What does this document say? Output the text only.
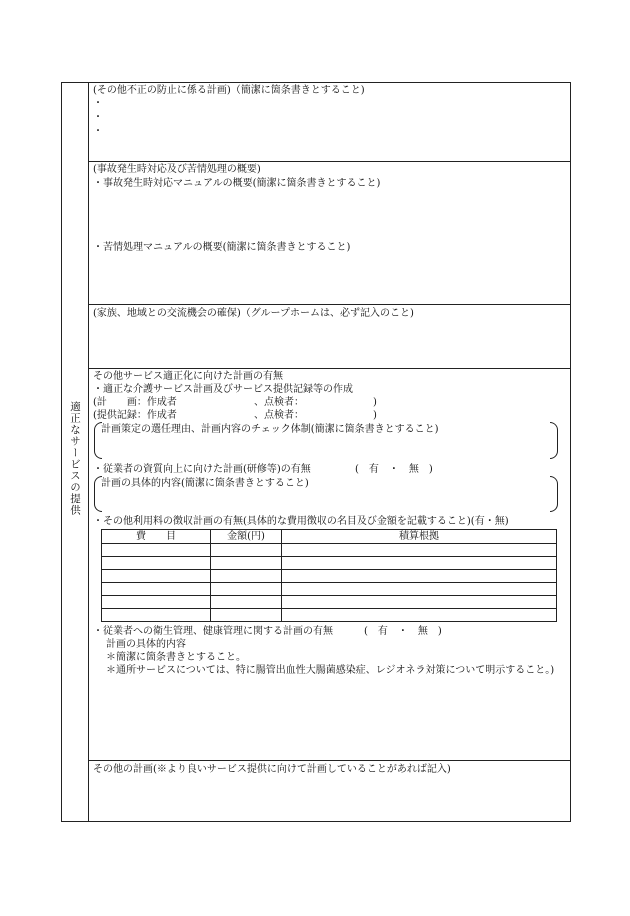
適正なサービスの提供
(その他不正の防止に係る計画)（簡潔に箇条書きとすること)
・
・
・
(事故発生時対応及び苦情処理の概要)
・事故発生時対応マニュアルの概要(簡潔に箇条書きとすること)
・苦情処理マニュアルの概要(簡潔に箇条書きとすること)
(家族、地域との交流機会の確保)（グループホームは、必ず記入のこと)
その他サービス適正化に向けた計画の有無
・適正な介護サービス計画及びサービス提供記録等の作成
(計　　画：作成者	、点検者：	)
(提供記録：作成者	、点検者：	)
計画策定の選任理由、計画内容のチェック体制(簡潔に箇条書きとすること)
・従業者の資質向上に向けた計画(研修等)の有無	(　有　・　無　)
計画の具体的内容(簡潔に箇条書きとすること)
・その他利用料の徴収計画の有無(具体的な費用徴収の名目及び金額を記載すること)(有・無)
・従業者への衛生管理、健康管理に関する計画の有無	(　有　・　無　)
計画の具体的内容
＊簡潔に箇条書きとすること。
＊通所サービスについては、特に腸管出血性大腸菌感染症、レジオネラ対策について明示すること。)
費　　目	金額(円)	積算根拠

その他の計画(※より良いサービス提供に向けて計画していることがあれば記入)
